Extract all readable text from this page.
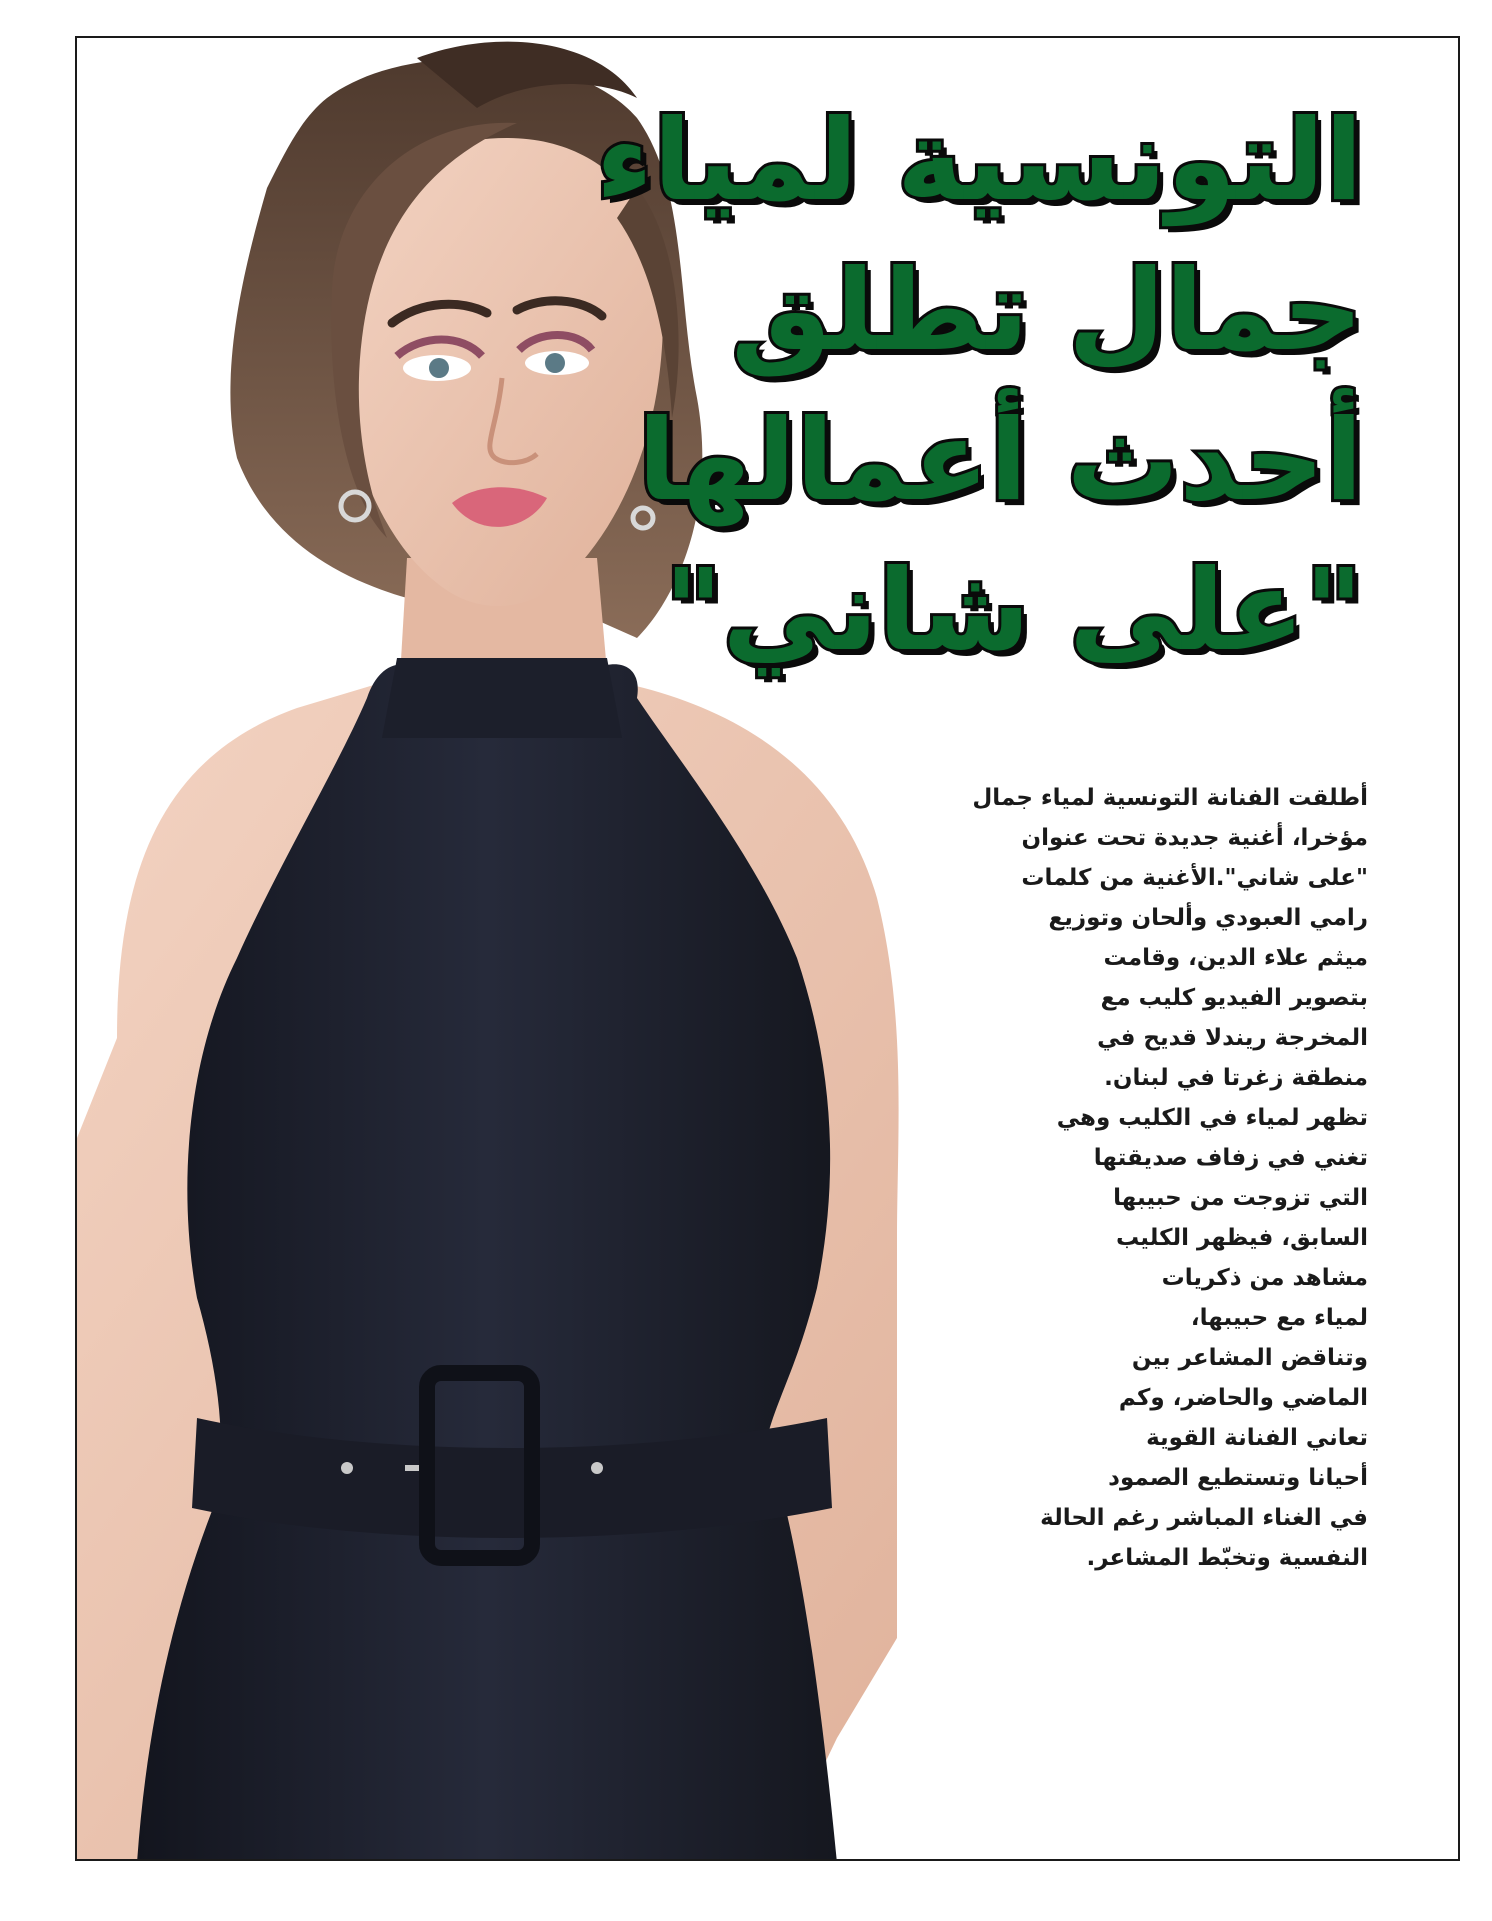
التونسية لمياء
جمال تطلق
أحدث أعمالها
"على شاني"
أطلقت الفنانة التونسية لمياء جمال
مؤخرا، أغنية جديدة تحت عنوان
"على شاني".الأغنية من كلمات
رامي العبودي وألحان وتوزيع
ميثم علاء الدين، وقامت
بتصوير الفيديو كليب مع
المخرجة ريندلا قديح في
منطقة زغرتا في لبنان.
تظهر لمياء في الكليب وهي
تغني في زفاف صديقتها
التي تزوجت من حبيبها
السابق، فيظهر الكليب
مشاهد من ذكريات
لمياء مع حبيبها،
وتناقض المشاعر بين
الماضي والحاضر، وكم
تعاني الفنانة القوية
أحيانا وتستطيع الصمود
في الغناء المباشر رغم الحالة
النفسية وتخبّط المشاعر.
